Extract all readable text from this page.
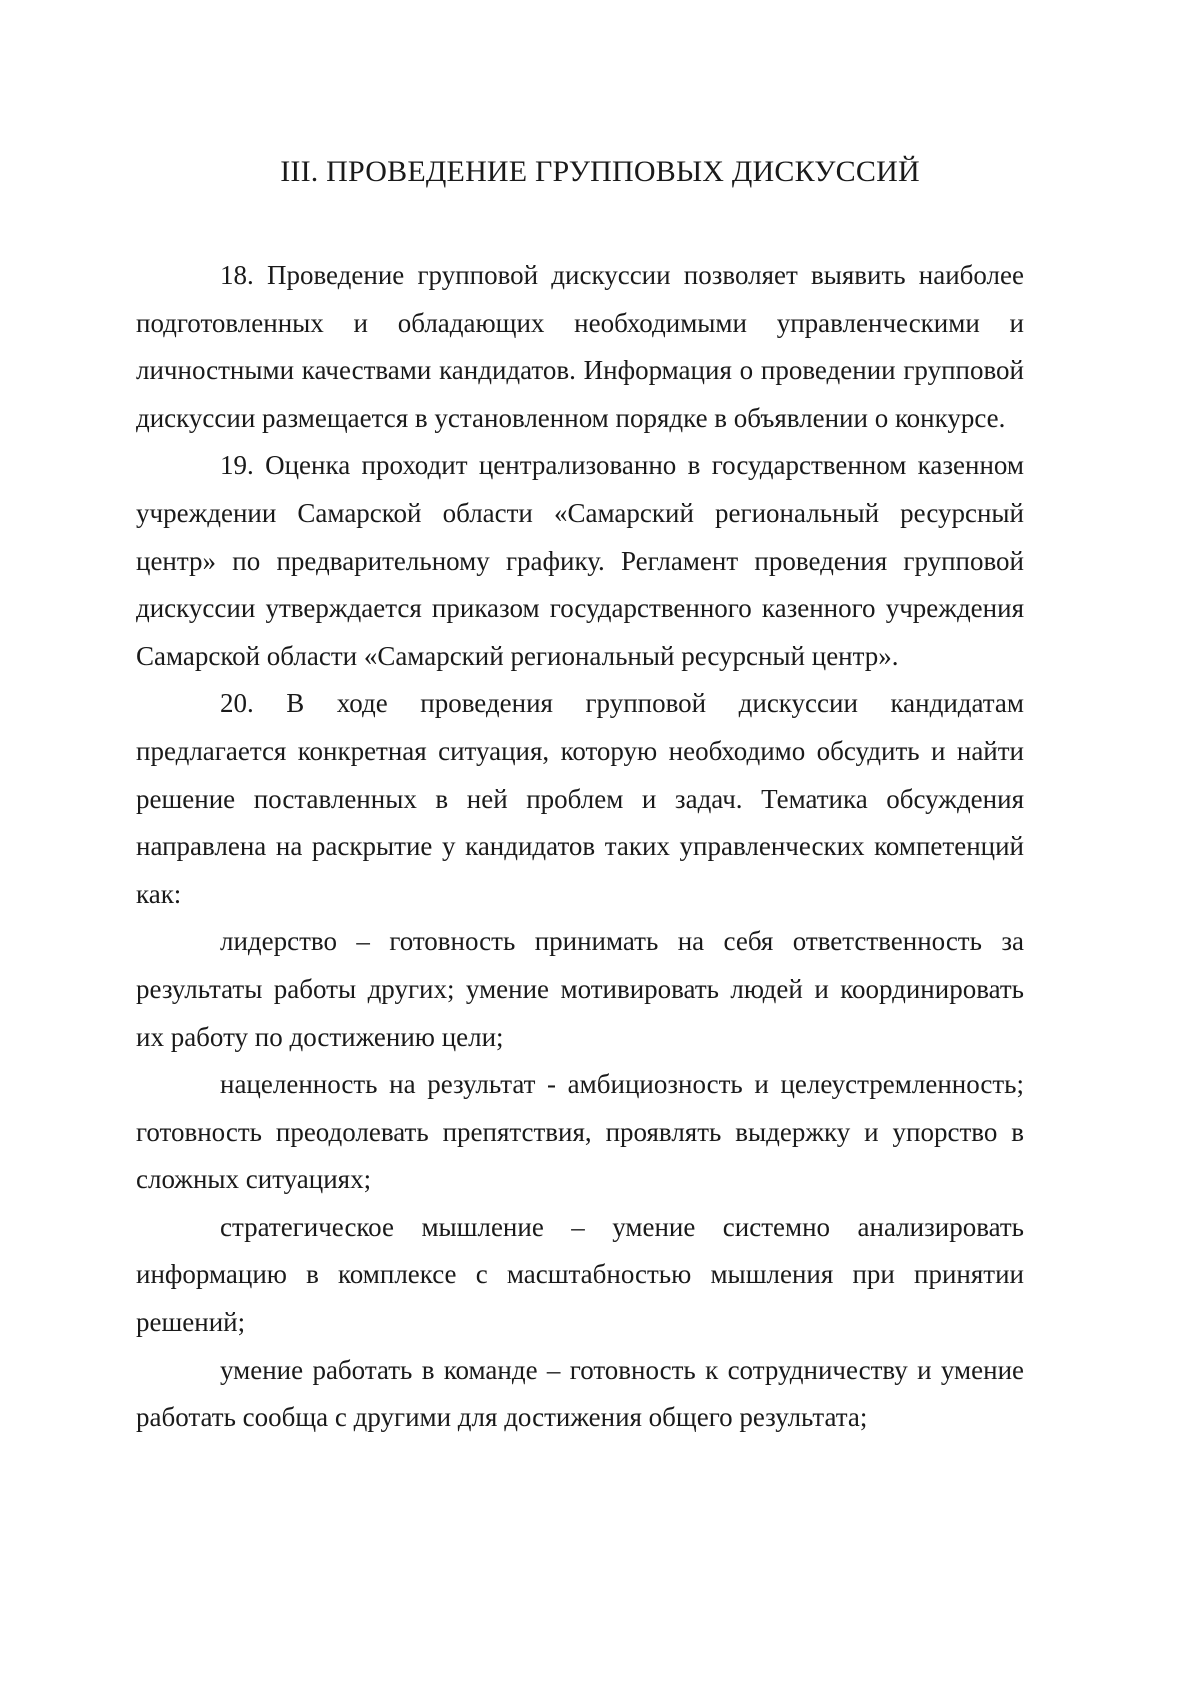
III. ПРОВЕДЕНИЕ ГРУППОВЫХ ДИСКУССИЙ

18. Проведение групповой дискуссии позволяет выявить наиболее подготовленных и обладающих необходимыми управленческими и личностными качествами кандидатов. Информация о проведении групповой дискуссии размещается в установленном порядке в объявлении о конкурсе.

19. Оценка проходит централизованно в государственном казенном учреждении Самарской области «Самарский региональный ресурсный центр» по предварительному графику. Регламент проведения групповой дискуссии утверждается приказом государственного казенного учреждения Самарской области «Самарский региональный ресурсный центр».

20. В ходе проведения групповой дискуссии кандидатам предлагается конкретная ситуация, которую необходимо обсудить и найти решение поставленных в ней проблем и задач. Тематика обсуждения направлена на раскрытие у кандидатов таких управленческих компетенций как:

лидерство – готовность принимать на себя ответственность за результаты работы других; умение мотивировать людей и координировать их работу по достижению цели;

нацеленность на результат - амбициозность и целеустремленность; готовность преодолевать препятствия, проявлять выдержку и упорство в сложных ситуациях;

стратегическое мышление – умение системно анализировать информацию в комплексе с масштабностью мышления при принятии решений;

умение работать в команде – готовность к сотрудничеству и умение работать сообща с другими для достижения общего результата;
